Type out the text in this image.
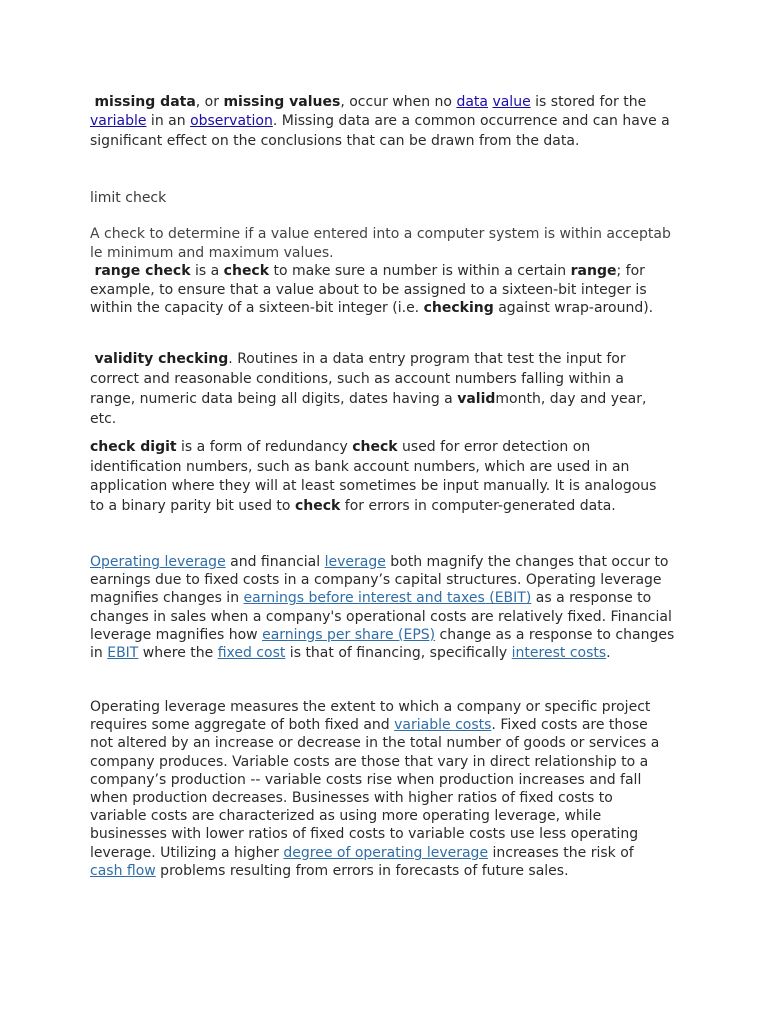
missing data, or missing values, occur when no data value is stored for the variable in an observation. Missing data are a common occurrence and can have a significant effect on the conclusions that can be drawn from the data.

limit check

A check to determine if a value entered into a computer system is within acceptable minimum and maximum values.
range check is a check to make sure a number is within a certain range; for example, to ensure that a value about to be assigned to a sixteen-bit integer is within the capacity of a sixteen-bit integer (i.e. checking against wrap-around).

validity checking. Routines in a data entry program that test the input for correct and reasonable conditions, such as account numbers falling within a range, numeric data being all digits, dates having a validmonth, day and year, etc.

check digit is a form of redundancy check used for error detection on identification numbers, such as bank account numbers, which are used in an application where they will at least sometimes be input manually. It is analogous to a binary parity bit used to check for errors in computer-generated data.

Operating leverage and financial leverage both magnify the changes that occur to earnings due to fixed costs in a company’s capital structures. Operating leverage magnifies changes in earnings before interest and taxes (EBIT) as a response to changes in sales when a company's operational costs are relatively fixed. Financial leverage magnifies how earnings per share (EPS) change as a response to changes in EBIT where the fixed cost is that of financing, specifically interest costs.

Operating leverage measures the extent to which a company or specific project requires some aggregate of both fixed and variable costs. Fixed costs are those not altered by an increase or decrease in the total number of goods or services a company produces. Variable costs are those that vary in direct relationship to a company’s production -- variable costs rise when production increases and fall when production decreases. Businesses with higher ratios of fixed costs to variable costs are characterized as using more operating leverage, while businesses with lower ratios of fixed costs to variable costs use less operating leverage. Utilizing a higher degree of operating leverage increases the risk of cash flow problems resulting from errors in forecasts of future sales.
